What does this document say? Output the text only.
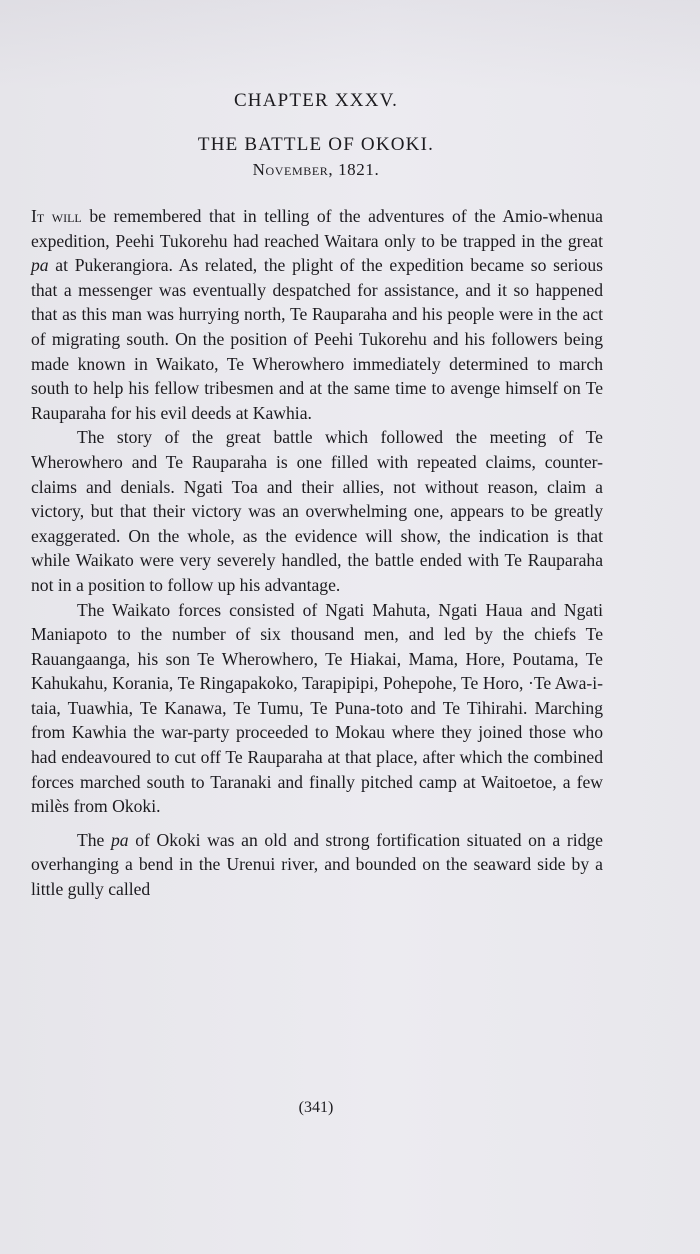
CHAPTER XXXV.
THE BATTLE OF OKOKI.
November, 1821.

It will be remembered that in telling of the adventures of the Amio-whenua expedition, Peehi Tukorehu had reached Waitara only to be trapped in the great pa at Pukerangiora. As related, the plight of the expedition became so serious that a messenger was eventually despatched for assistance, and it so happened that as this man was hurrying north, Te Rauparaha and his people were in the act of migrating south. On the position of Peehi Tukorehu and his followers being made known in Waikato, Te Wherowhero immediately determined to march south to help his fellow tribesmen and at the same time to avenge himself on Te Rauparaha for his evil deeds at Kawhia.

The story of the great battle which followed the meeting of Te Wherowhero and Te Rauparaha is one filled with repeated claims, counter-claims and denials. Ngati Toa and their allies, not without reason, claim a victory, but that their victory was an overwhelming one, appears to be greatly exaggerated. On the whole, as the evidence will show, the indication is that while Waikato were very severely handled, the battle ended with Te Rauparaha not in a position to follow up his advantage.

The Waikato forces consisted of Ngati Mahuta, Ngati Haua and Ngati Maniapoto to the number of six thousand men, and led by the chiefs Te Rauangaanga, his son Te Wherowhero, Te Hiakai, Mama, Hore, Poutama, Te Kahukahu, Korania, Te Ringapakoko, Tarapipipi, Pohepohe, Te Horo, ·Te Awa-i-taia, Tuawhia, Te Kanawa, Te Tumu, Te Puna-toto and Te Tihirahi. Marching from Kawhia the war-party proceeded to Mokau where they joined those who had endeavoured to cut off Te Rauparaha at that place, after which the combined forces marched south to Taranaki and finally pitched camp at Waitoetoe, a few milès from Okoki.

The pa of Okoki was an old and strong fortification situated on a ridge overhanging a bend in the Urenui river, and bounded on the seaward side by a little gully called

(341)
